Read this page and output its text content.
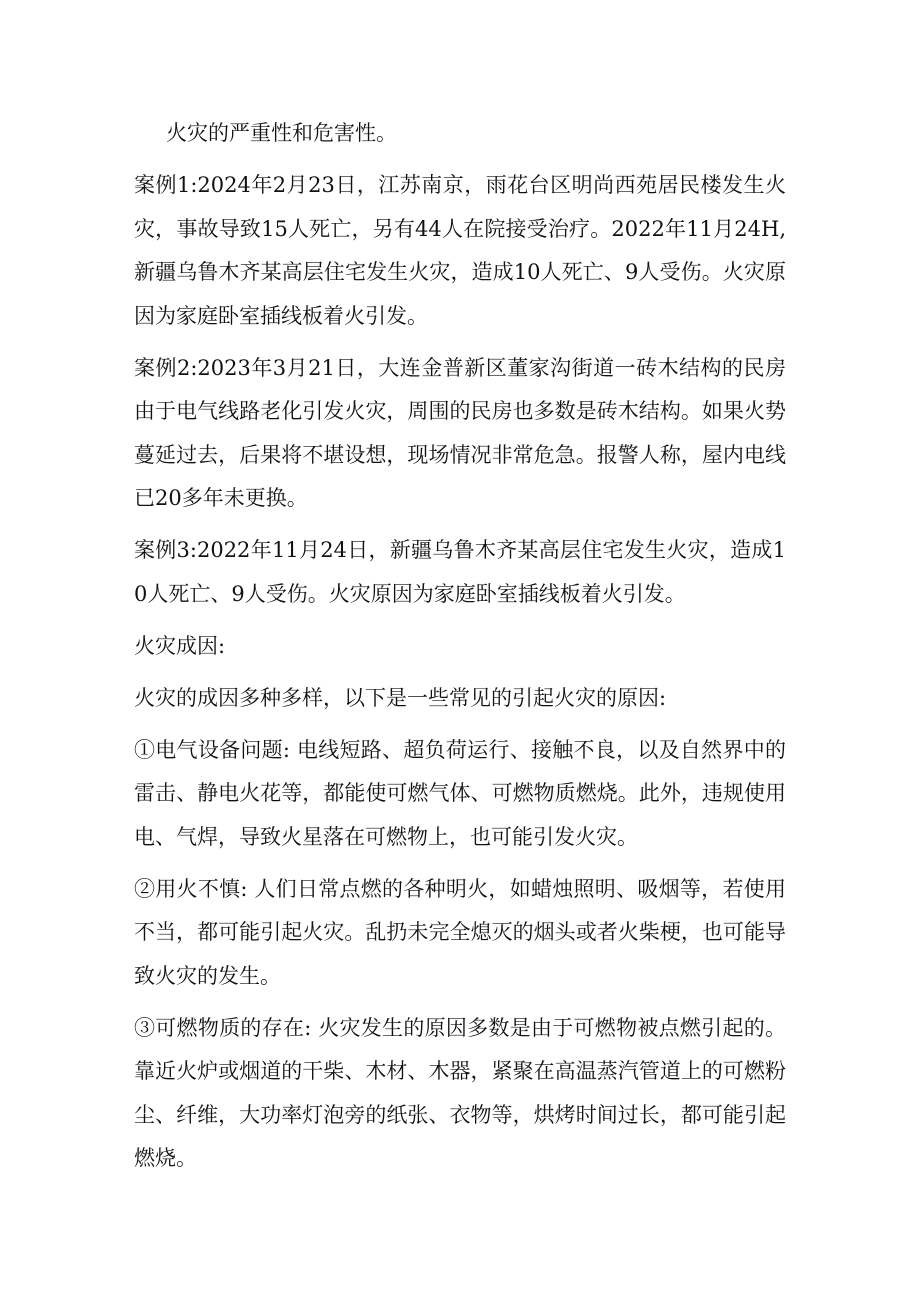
火灾的严重性和危害性。

案例1:2024年2月23日，江苏南京，雨花台区明尚西苑居民楼发生火灾，事故导致15人死亡，另有44人在院接受治疗。2022年11月24H,新疆乌鲁木齐某高层住宅发生火灾，造成10人死亡、9人受伤。火灾原因为家庭卧室插线板着火引发。

案例2:2023年3月21日，大连金普新区董家沟街道一砖木结构的民房由于电气线路老化引发火灾，周围的民房也多数是砖木结构。如果火势蔓延过去，后果将不堪设想，现场情况非常危急。报警人称，屋内电线已20多年未更换。

案例3:2022年11月24日，新疆乌鲁木齐某高层住宅发生火灾，造成10人死亡、9人受伤。火灾原因为家庭卧室插线板着火引发。

火灾成因:

火灾的成因多种多样，以下是一些常见的引起火灾的原因:

①电气设备问题: 电线短路、超负荷运行、接触不良，以及自然界中的雷击、静电火花等，都能使可燃气体、可燃物质燃烧。此外，违规使用电、气焊，导致火星落在可燃物上，也可能引发火灾。

②用火不慎: 人们日常点燃的各种明火，如蜡烛照明、吸烟等，若使用不当，都可能引起火灾。乱扔未完全熄灭的烟头或者火柴梗，也可能导致火灾的发生。

③可燃物质的存在: 火灾发生的原因多数是由于可燃物被点燃引起的。靠近火炉或烟道的干柴、木材、木器，紧聚在高温蒸汽管道上的可燃粉尘、纤维，大功率灯泡旁的纸张、衣物等，烘烤时间过长，都可能引起燃烧。
